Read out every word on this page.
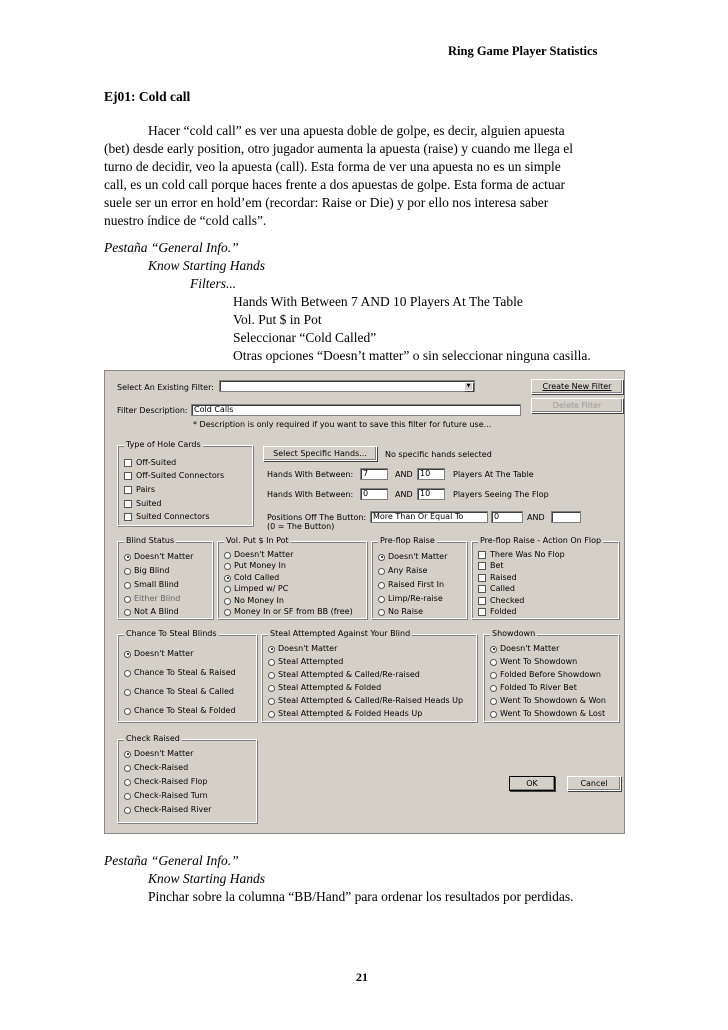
Ring Game Player Statistics
Ej01: Cold call
Hacer “cold call” es ver una apuesta doble de golpe, es decir, alguien apuesta
(bet) desde early position, otro jugador aumenta la apuesta (raise) y cuando me llega el
turno de decidir, veo la apuesta (call). Esta forma de ver una apuesta no es un simple
call, es un cold call porque haces frente a dos apuestas de golpe. Esta forma de actuar
suele ser un error en hold’em (recordar: Raise or Die) y por ello nos interesa saber
nuestro índice de “cold calls”.
Pestaña “General Info.”
Know Starting Hands
Filters...
Hands With Between 7 AND 10 Players At The Table
Vol. Put $ in Pot
Seleccionar “Cold Called”
Otras opciones “Doesn’t matter” o sin seleccionar ninguna casilla.
Select An Existing Filter:	▼	Create New Filter
Delete Filter
Filter Description: Cold Calls
* Description is only required if you want to save this filter for future use...
Type of Hole Cards
Off-Suited
Off-Suited Connectors
Pairs
Suited
Suited Connectors
Select Specific Hands...	No specific hands selected
Hands With Between:	7	AND 10	Players At The Table
Hands With Between:	0	AND 10	Players Seeing The Flop
Positions Off The Button:
(0 = The Button)
More Than Or Equal To	0	AND
Blind Status
Doesn't Matter
Big Blind
Small Blind
Either Blind
Not A Blind
Vol. Put $ In Pot
Doesn't Matter
Put Money In
Cold Called
Limped w/ PC
No Money In
Money In or SF from BB (free)
Pre-flop Raise
Doesn't Matter
Any Raise
Raised First In
Limp/Re-raise
No Raise
Pre-flop Raise - Action On Flop
There Was No Flop
Bet
Raised
Called
Checked
Folded
Chance To Steal Blinds
Doesn't Matter
Chance To Steal & Raised
Chance To Steal & Called
Chance To Steal & Folded
Steal Attempted Against Your Blind
Doesn't Matter
Steal Attempted
Steal Attempted & Called/Re-raised
Steal Attempted & Folded
Steal Attempted & Called/Re-Raised Heads Up
Steal Attempted & Folded Heads Up
Showdown
Doesn't Matter
Went To Showdown
Folded Before Showdown
Folded To River Bet
Went To Showdown & Won
Went To Showdown & Lost
Check Raised
Doesn't Matter
Check-Raised
Check-Raised Flop
Check-Raised Turn
Check-Raised River
OK	Cancel
Pestaña “General Info.”
Know Starting Hands
Pinchar sobre la columna “BB/Hand” para ordenar los resultados por perdidas.
21
